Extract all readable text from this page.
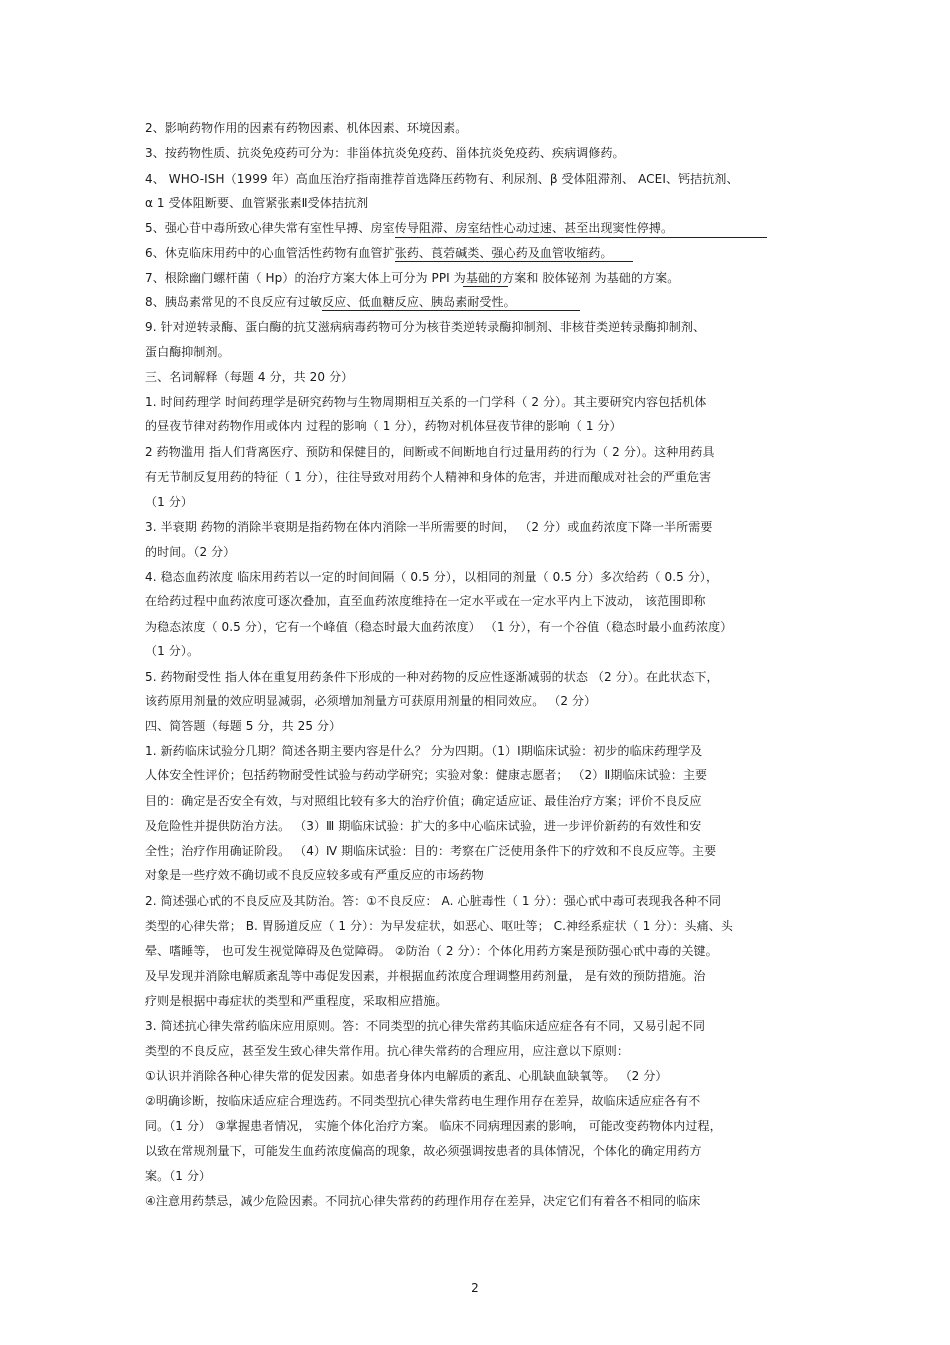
2、影响药物作用的因素有药物因素、机体因素、环境因素。
3、按药物性质、抗炎免疫药可分为：非甾体抗炎免疫药、甾体抗炎免疫药、疾病调修药。
4、 WHO-ISH（1999 年）高血压治疗指南推荐首选降压药物有、利尿剂、β 受体阻滞剂、 ACEI、钙拮抗剂、
α 1 受体阻断要、血管紧张素Ⅱ受体拮抗剂
5、强心苷中毒所致心律失常有室性早搏、房室传导阻滞、房室结性心动过速、甚至出现窦性停搏。
6、休克临床用药中的心血管活性药物有血管扩张药、莨菪碱类、强心药及血管收缩药。
7、根除幽门螺杆菌（ Hp）的治疗方案大体上可分为 PPI 为基础的方案和 胶体铋剂 为基础的方案。
8、胰岛素常见的不良反应有过敏反应、低血糖反应、胰岛素耐受性。
9. 针对逆转录酶、蛋白酶的抗艾滋病病毒药物可分为核苷类逆转录酶抑制剂、非核苷类逆转录酶抑制剂、
蛋白酶抑制剂。
三、名词解释（每题 4 分，共 20 分）
1. 时间药理学 时间药理学是研究药物与生物周期相互关系的一门学科（ 2 分）。其主要研究内容包括机体
的昼夜节律对药物作用或体内 过程的影响（ 1 分），药物对机体昼夜节律的影响（ 1 分）
2 药物滥用 指人们背离医疗、预防和保健目的，间断或不间断地自行过量用药的行为（ 2 分）。这种用药具
有无节制反复用药的特征（ 1 分），往往导致对用药个人精神和身体的危害，并进而酿成对社会的严重危害
（1 分）
3. 半衰期 药物的消除半衰期是指药物在体内消除一半所需要的时间， （2 分）或血药浓度下降一半所需要
的时间。（2 分）
4. 稳态血药浓度 临床用药若以一定的时间间隔（ 0.5 分），以相同的剂量（ 0.5 分）多次给药（ 0.5 分），
在给药过程中血药浓度可逐次叠加，直至血药浓度维持在一定水平或在一定水平内上下波动， 该范围即称
为稳态浓度（ 0.5 分），它有一个峰值（稳态时最大血药浓度） （1 分），有一个谷值（稳态时最小血药浓度）
（1 分）。
5. 药物耐受性 指人体在重复用药条件下形成的一种对药物的反应性逐渐减弱的状态 （2 分）。在此状态下，
该药原用剂量的效应明显减弱，必须增加剂量方可获原用剂量的相同效应。 （2 分）
四、简答题（每题 5 分，共 25 分）
1. 新药临床试验分几期？简述各期主要内容是什么？ 分为四期。（1）Ⅰ期临床试验：初步的临床药理学及
人体安全性评价；包括药物耐受性试验与药动学研究；实验对象：健康志愿者； （2）Ⅱ期临床试验：主要
目的：确定是否安全有效，与对照组比较有多大的治疗价值；确定适应证、最佳治疗方案；评价不良反应
及危险性并提供防治方法。 （3）Ⅲ 期临床试验：扩大的多中心临床试验，进一步评价新药的有效性和安
全性；治疗作用确证阶段。 （4）Ⅳ 期临床试验：目的：考察在广泛使用条件下的疗效和不良反应等。主要
对象是一些疗效不确切或不良反应较多或有严重反应的市场药物
2. 简述强心甙的不良反应及其防治。答：①不良反应： A. 心脏毒性（ 1 分）：强心甙中毒可表现我各种不同
类型的心律失常； B. 胃肠道反应（ 1 分）：为早发症状，如恶心、呕吐等； C.神经系症状（ 1 分）：头痛、头
晕、嗜睡等， 也可发生视觉障碍及色觉障碍。 ②防治（ 2 分）：个体化用药方案是预防强心甙中毒的关键。
及早发现并消除电解质紊乱等中毒促发因素，并根据血药浓度合理调整用药剂量， 是有效的预防措施。治
疗则是根据中毒症状的类型和严重程度，采取相应措施。
3. 简述抗心律失常药临床应用原则。答：不同类型的抗心律失常药其临床适应症各有不同，又易引起不同
类型的不良反应，甚至发生致心律失常作用。抗心律失常药的合理应用，应注意以下原则：
①认识并消除各种心律失常的促发因素。如患者身体内电解质的紊乱、心肌缺血缺氧等。 （2 分）
②明确诊断，按临床适应症合理选药。不同类型抗心律失常药电生理作用存在差异，故临床适应症各有不
同。（1 分） ③掌握患者情况， 实施个体化治疗方案。 临床不同病理因素的影响， 可能改变药物体内过程，
以致在常规剂量下，可能发生血药浓度偏高的现象，故必须强调按患者的具体情况，个体化的确定用药方
案。（1 分）
④注意用药禁忌，减少危险因素。不同抗心律失常药的药理作用存在差异，决定它们有着各不相同的临床
2
